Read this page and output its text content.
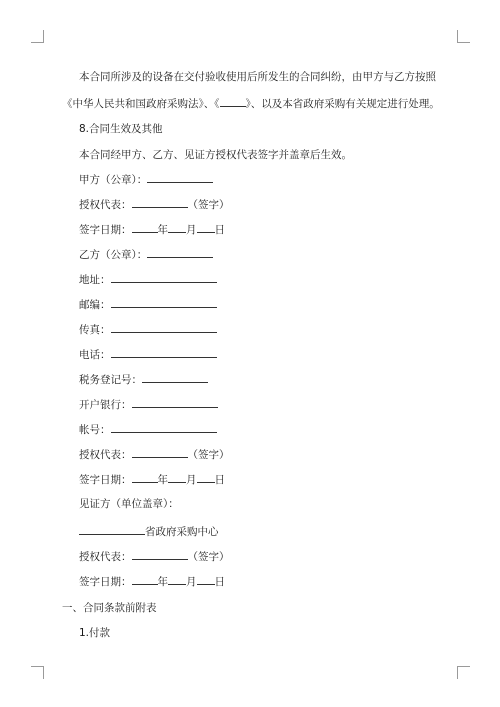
本合同所涉及的设备在交付验收使用后所发生的合同纠纷，由甲方与乙方按照
《中华人民共和国政府采购法》、《 》、以及本省政府采购有关规定进行处理。
8.合同生效及其他
本合同经甲方、乙方、见证方授权代表签字并盖章后生效。
甲方（公章）：
授权代表：	（签字）
签字日期： 年 月 日
乙方（公章）：
地址：
邮编：
传真：
电话：
税务登记号：
开户银行：
帐号：
授权代表：	（签字）
签字日期： 年 月 日
见证方（单位盖章）：
省政府采购中心
授权代表：	（签字）
签字日期： 年 月 日
一、合同条款前附表
1.付款
